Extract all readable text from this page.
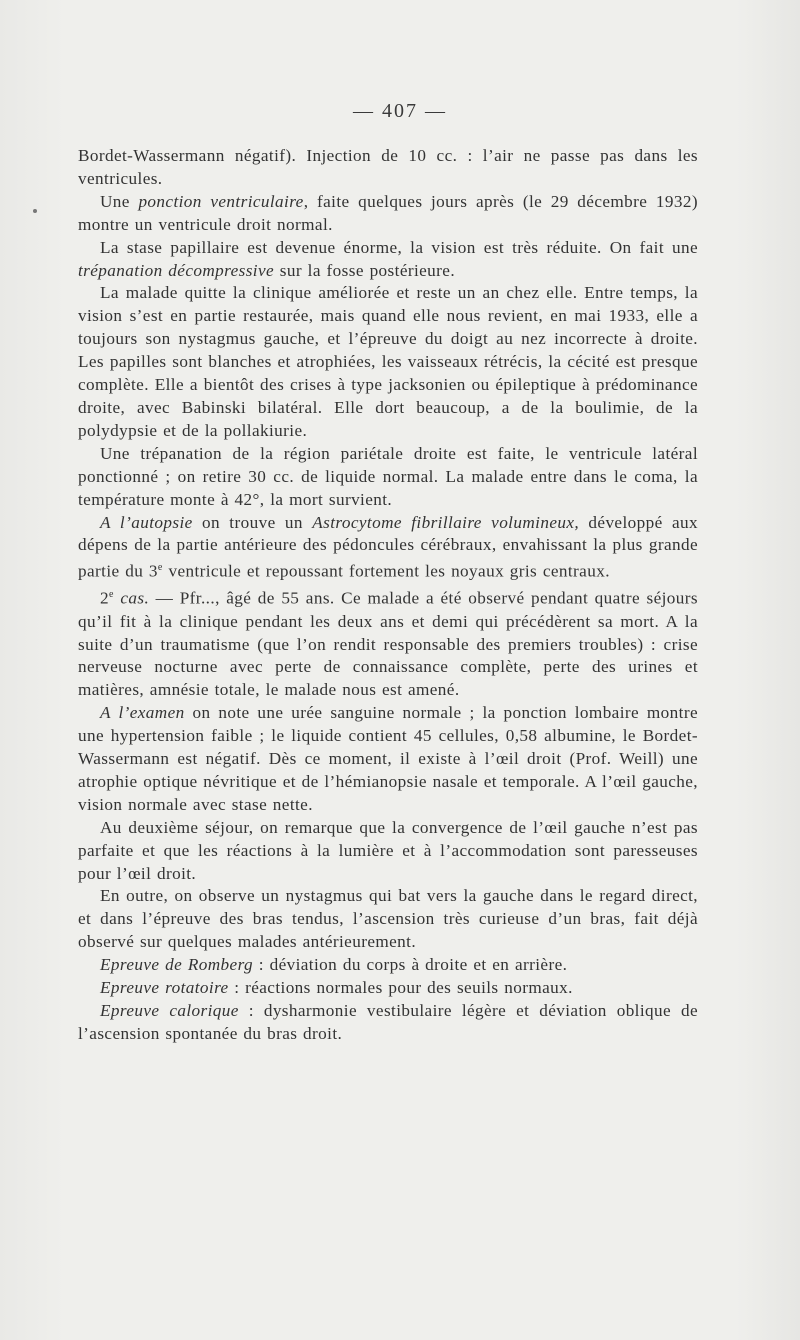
— 407 —

Bordet-Wassermann négatif). Injection de 10 cc. : l’air ne passe pas dans les ventricules.

Une ponction ventriculaire, faite quelques jours après (le 29 décembre 1932) montre un ventricule droit normal.

La stase papillaire est devenue énorme, la vision est très réduite. On fait une trépanation décompressive sur la fosse postérieure.

La malade quitte la clinique améliorée et reste un an chez elle. Entre temps, la vision s’est en partie restaurée, mais quand elle nous revient, en mai 1933, elle a toujours son nystagmus gauche, et l’épreuve du doigt au nez incorrecte à droite. Les papilles sont blanches et atrophiées, les vaisseaux rétrécis, la cécité est presque complète. Elle a bientôt des crises à type jacksonien ou épileptique à prédominance droite, avec Babinski bilatéral. Elle dort beaucoup, a de la boulimie, de la polydypsie et de la pollakiurie.

Une trépanation de la région pariétale droite est faite, le ventricule latéral ponctionné ; on retire 30 cc. de liquide normal. La malade entre dans le coma, la température monte à 42°, la mort survient.

A l’autopsie on trouve un Astrocytome fibrillaire volumineux, développé aux dépens de la partie antérieure des pédoncules cérébraux, envahissant la plus grande partie du 3e ventricule et repoussant fortement les noyaux gris centraux.

2e cas. — Pfr..., âgé de 55 ans. Ce malade a été observé pendant quatre séjours qu’il fit à la clinique pendant les deux ans et demi qui précédèrent sa mort. A la suite d’un traumatisme (que l’on rendit responsable des premiers troubles) : crise nerveuse nocturne avec perte de connaissance complète, perte des urines et matières, amnésie totale, le malade nous est amené.

A l’examen on note une urée sanguine normale ; la ponction lombaire montre une hypertension faible ; le liquide contient 45 cellules, 0,58 albumine, le Bordet-Wassermann est négatif. Dès ce moment, il existe à l’œil droit (Prof. Weill) une atrophie optique névritique et de l’hémianopsie nasale et temporale. A l’œil gauche, vision normale avec stase nette.

Au deuxième séjour, on remarque que la convergence de l’œil gauche n’est pas parfaite et que les réactions à la lumière et à l’accommodation sont paresseuses pour l’œil droit.

En outre, on observe un nystagmus qui bat vers la gauche dans le regard direct, et dans l’épreuve des bras tendus, l’ascension très curieuse d’un bras, fait déjà observé sur quelques malades antérieurement.

Epreuve de Romberg : déviation du corps à droite et en arrière.

Epreuve rotatoire : réactions normales pour des seuils normaux.

Epreuve calorique : dysharmonie vestibulaire légère et déviation oblique de l’ascension spontanée du bras droit.
